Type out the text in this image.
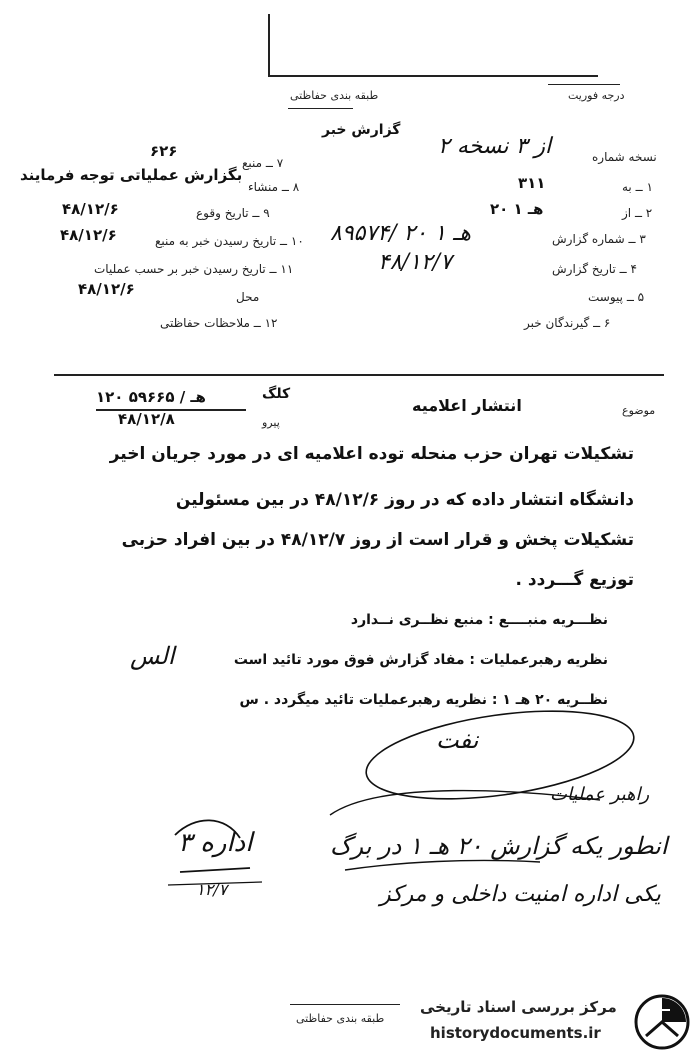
طبقه بندی حفاظتی	درجه فوریت
گزارش خبر
نسخه شماره
۲ از ۳ نسخه
۱ ــ به
۳۱۱
۲ ــ از
۲۰ هـ ۱
۳ ــ شماره گزارش
۸۹۵۷۴/ ۲۰ هـ ۱
۴ ــ تاریخ گزارش
۴۸/۱۲/۷
۵ ــ پیوست
۶ ــ گیرندگان خبر
۷ ــ منبع
۶۲۶
۸ ــ منشاء
بگزارش عملیاتی توجه فرمایند
۹ ــ تاریخ وقوع
۴۸/۱۲/۶
۱۰ ــ تاریخ رسیدن خبر به منبع
۴۸/۱۲/۶
۱۱ ــ تاریخ رسیدن خبر بر حسب عملیات
محل
۴۸/۱۲/۶
۱۲ ــ ملاحظات حفاظتی
موضوع
انتشار اعلامیه
۱۲۰ هـ / ۵۹۶۶۵
۴۸/۱۲/۸
کلگ
پیرو
تشکیلات تهران حزب منحله توده اعلامیه ای در مورد جریان اخیر
دانشگاه انتشار داده که در روز ۴۸/۱۲/۶ در بین مسئولین
تشکیلات پخش و قرار است از روز ۴۸/۱۲/۷ در بین افراد حزبی
توزیع گـــردد .
نظـــریه منبــــع : منبع نظــری نــدارد
نظریه رهبرعملیات : مفاد گزارش فوق مورد تائید است
الس
نظــریه ۲۰ هـ ۱ : نظریه رهبرعملیات تائید میگردد . س
نفت
راهبر عملیات
انطور یکه گزارش ۲۰ هـ ۱ در برگ
یکی اداره امنیت داخلی و مرکز
اداره ۳
۱۲/۷
طبقه بندی حفاظتی
مرکز بررسی اسناد تاریخی
historydocuments.ir
